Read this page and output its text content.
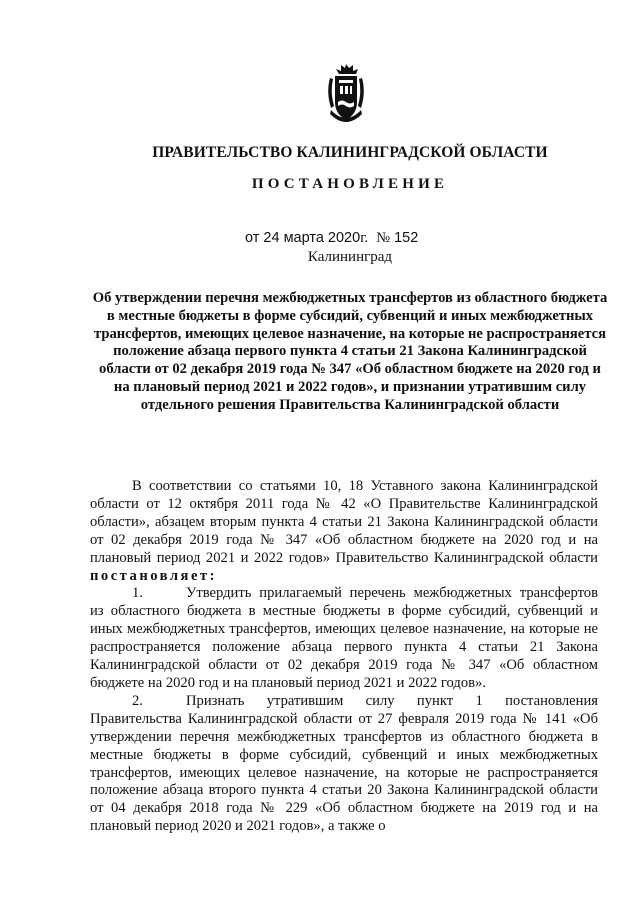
ПРАВИТЕЛЬСТВО КАЛИНИНГРАДСКОЙ ОБЛАСТИ
ПОСТАНОВЛЕНИЕ
от 24 марта 2020г. № 152
Калининград
Об утверждении перечня межбюджетных трансфертов из областного бюджета в местные бюджеты в форме субсидий, субвенций и иных межбюджетных трансфертов, имеющих целевое назначение, на которые не распространяется положение абзаца первого пункта 4 статьи 21 Закона Калининградской области от 02 декабря 2019 года № 347 «Об областном бюджете на 2020 год и на плановый период 2021 и 2022 годов», и признании утратившим силу отдельного решения Правительства Калининградской области

В соответствии со статьями 10, 18 Уставного закона Калининградской области от 12 октября 2011 года № 42 «О Правительстве Калининградской области», абзацем вторым пункта 4 статьи 21 Закона Калининградской области от 02 декабря 2019 года № 347 «Об областном бюджете на 2020 год и на плановый период 2021 и 2022 годов» Правительство Калининградской области постановляет:

1.	Утвердить прилагаемый перечень межбюджетных трансфертов из областного бюджета в местные бюджеты в форме субсидий, субвенций и иных межбюджетных трансфертов, имеющих целевое назначение, на которые не распространяется положение абзаца первого пункта 4 статьи 21 Закона Калининградской области от 02 декабря 2019 года № 347 «Об областном бюджете на 2020 год и на плановый период 2021 и 2022 годов».

2.	Признать утратившим силу пункт 1 постановления Правительства Калининградской области от 27 февраля 2019 года № 141 «Об утверждении перечня межбюджетных трансфертов из областного бюджета в местные бюджеты в форме субсидий, субвенций и иных межбюджетных трансфертов, имеющих целевое назначение, на которые не распространяется положение абзаца второго пункта 4 статьи 20 Закона Калининградской области от 04 декабря 2018 года № 229 «Об областном бюджете на 2019 год и на плановый период 2020 и 2021 годов», а также о
